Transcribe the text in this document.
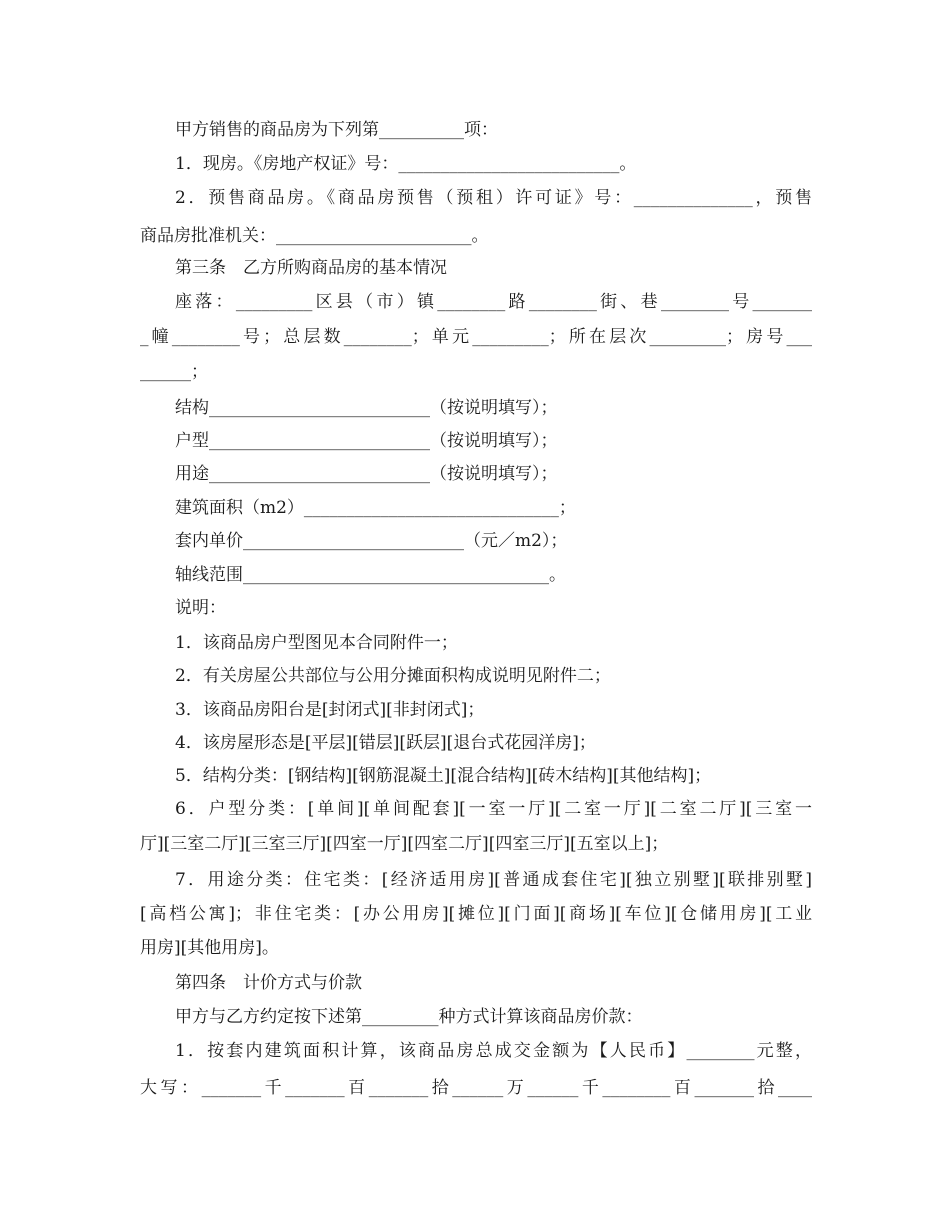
甲方销售的商品房为下列第__________项：
1．现房。《房地产权证》号：__________________________。
2．预售商品房。《商品房预售（预租）许可证》号：______________，预售
商品房批准机关：_______________________。
第三条　乙方所购商品房的基本情况
座落：_________区县（市）镇________路________街、巷________号_______
_幢________号；总层数________；单元_________；所在层次_________；房号___
______；
结构__________________________（按说明填写）；
户型__________________________（按说明填写）；
用途__________________________（按说明填写）；
建筑面积（m2）______________________________；
套内单价__________________________（元／m2）；
轴线范围____________________________________。
说明：
1．该商品房户型图见本合同附件一；
2．有关房屋公共部位与公用分摊面积构成说明见附件二；
3．该商品房阳台是[封闭式][非封闭式]；
4．该房屋形态是[平层][错层][跃层][退台式花园洋房]；
5．结构分类：[钢结构][钢筋混凝土][混合结构][砖木结构][其他结构]；
6．户型分类：[单间][单间配套][一室一厅][二室一厅][二室二厅][三室一
厅][三室二厅][三室三厅][四室一厅][四室二厅][四室三厅][五室以上]；
7．用途分类：住宅类：[经济适用房][普通成套住宅][独立别墅][联排别墅]
[高档公寓]；非住宅类：[办公用房][摊位][门面][商场][车位][仓储用房][工业
用房][其他用房]。
第四条　计价方式与价款
甲方与乙方约定按下述第_________种方式计算该商品房价款：
1．按套内建筑面积计算，该商品房总成交金额为【人民币】________元整，
大写：_______千_______百_______拾______万______千________百_______拾____
